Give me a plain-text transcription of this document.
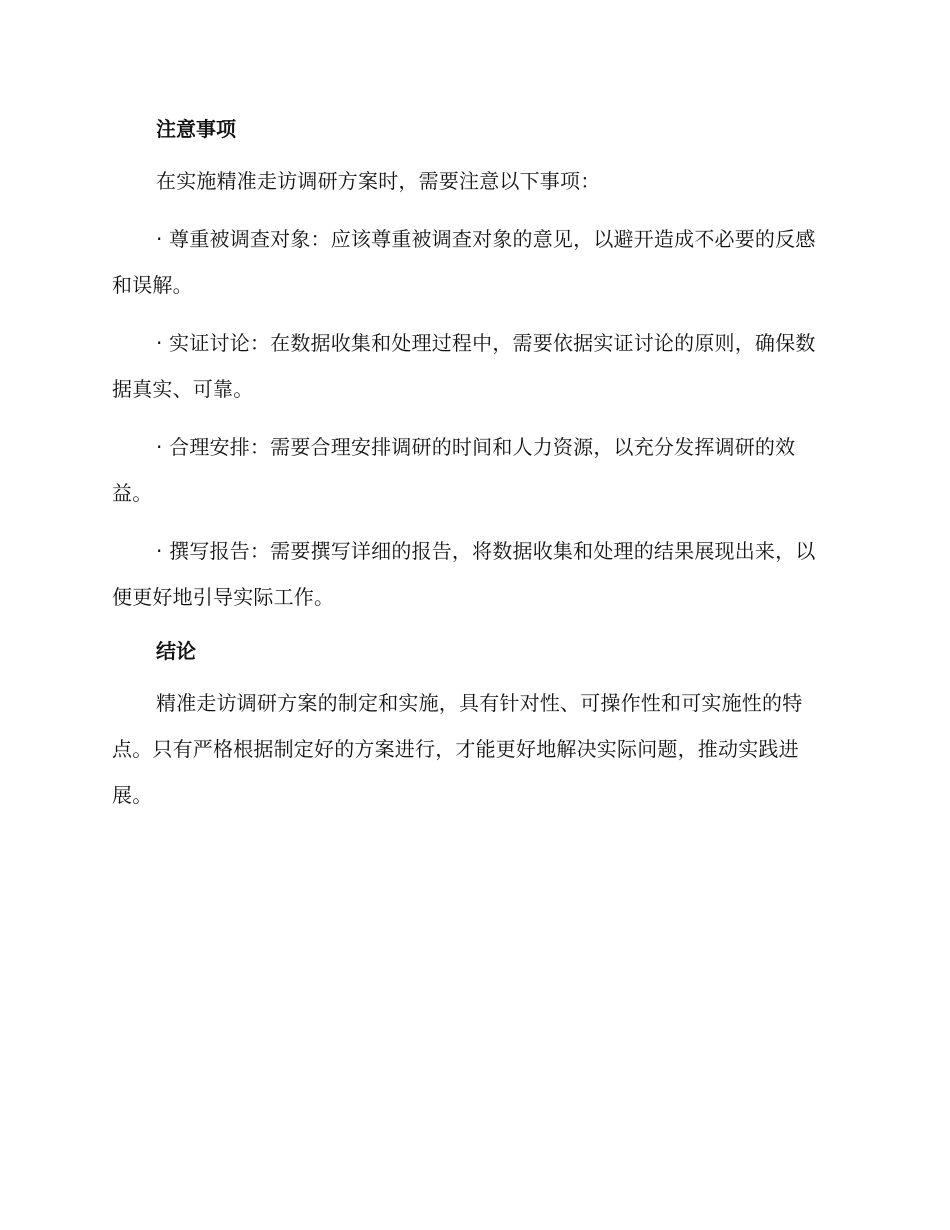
注意事项

在实施精准走访调研方案时，需要注意以下事项：

· 尊重被调查对象：应该尊重被调查对象的意见，以避开造成不必要的反感和误解。

· 实证讨论：在数据收集和处理过程中，需要依据实证讨论的原则，确保数据真实、可靠。

· 合理安排：需要合理安排调研的时间和人力资源，以充分发挥调研的效益。

· 撰写报告：需要撰写详细的报告，将数据收集和处理的结果展现出来，以便更好地引导实际工作。

结论

精准走访调研方案的制定和实施，具有针对性、可操作性和可实施性的特点。只有严格根据制定好的方案进行，才能更好地解决实际问题，推动实践进展。
